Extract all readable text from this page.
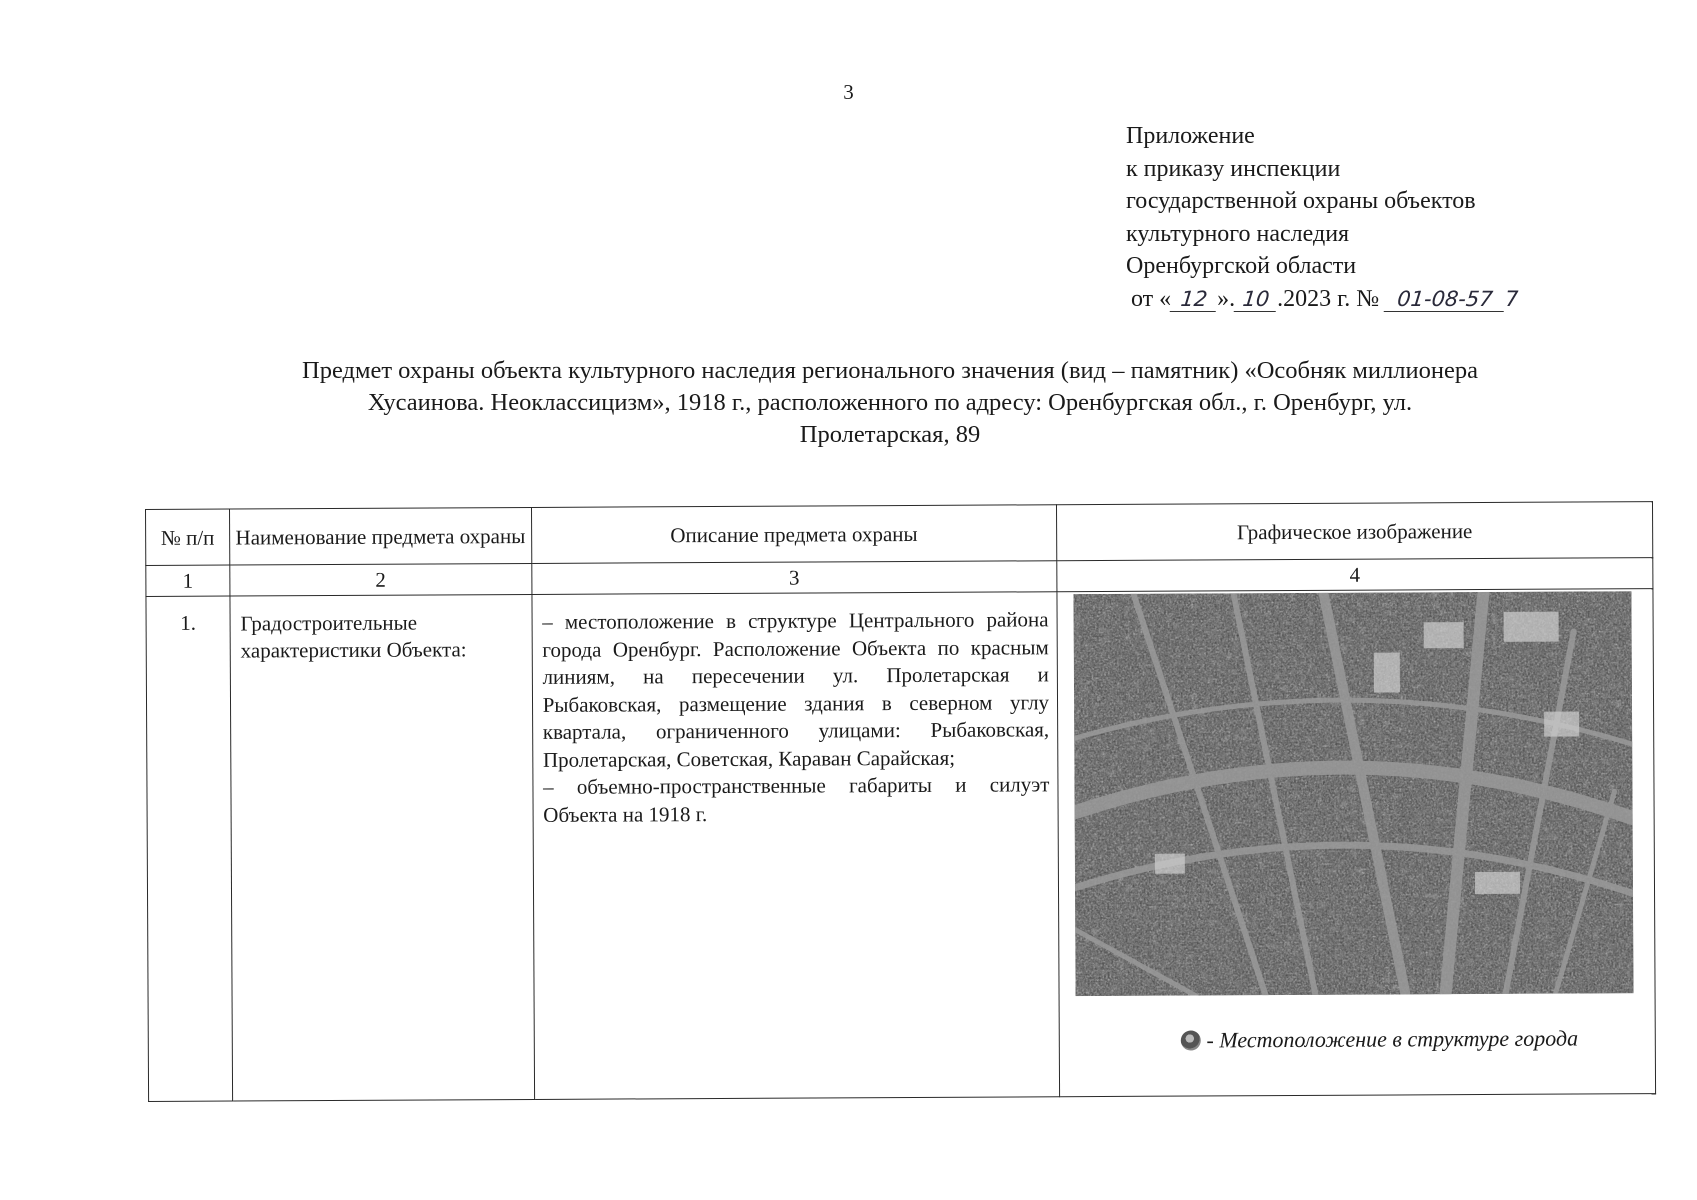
3
Приложение
к приказу инспекции
государственной охраны объектов
культурного наследия
Оренбургской области
от « 12 ». 10 .2023 г. № 01-08-57 7
Предмет охраны объекта культурного наследия регионального значения (вид – памятник) «Особняк миллионера
Хусаинова. Неоклассицизм», 1918 г., расположенного по адресу: Оренбургская обл., г. Оренбург, ул.
Пролетарская, 89
№ п/п	Наименование предмета охраны	Описание предмета охраны	Графическое изображение
1	2	3	4
1.	Градостроительные характеристики Объекта:	– местоположение в структуре Центрального района города Оренбург. Расположение Объекта по красным линиям, на пересечении ул. Пролетарская и Рыбаковская, размещение здания в северном углу квартала, ограниченного улицами: Рыбаковская, Пролетарская, Советская, Караван Сарайская;
– объемно-пространственные габариты и силуэт Объекта на 1918 г.	- Местоположение в структуре города
